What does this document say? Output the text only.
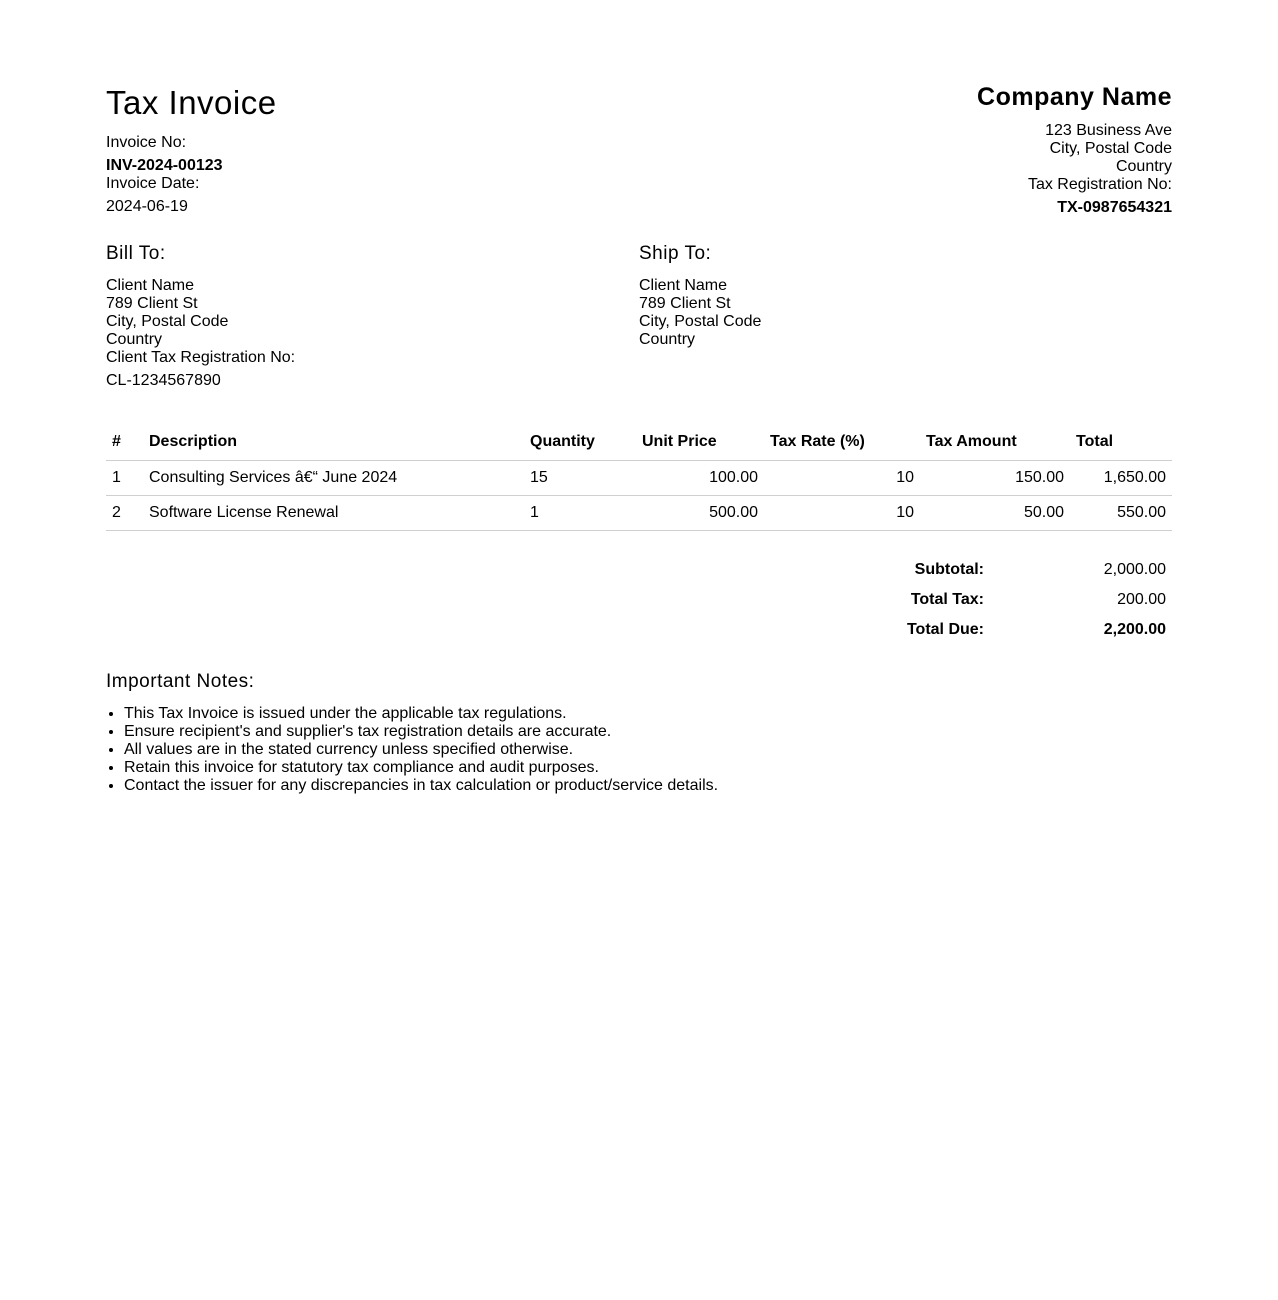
Tax Invoice
Invoice No:
INV-2024-00123
Invoice Date:
2024-06-19
Company Name
123 Business Ave
City, Postal Code
Country
Tax Registration No:
TX-0987654321
Bill To:
Client Name
789 Client St
City, Postal Code
Country
Client Tax Registration No:
CL-1234567890
Ship To:
Client Name
789 Client St
City, Postal Code
Country
#	Description	Quantity	Unit Price	Tax Rate (%)	Tax Amount	Total
1	Consulting Services â€“ June 2024	15	100.00	10	150.00	1,650.00
2	Software License Renewal	1	500.00	10	50.00	550.00
Subtotal:	2,000.00
Total Tax:	200.00
Total Due:	2,200.00
Important Notes:
• This Tax Invoice is issued under the applicable tax regulations.
• Ensure recipient's and supplier's tax registration details are accurate.
• All values are in the stated currency unless specified otherwise.
• Retain this invoice for statutory tax compliance and audit purposes.
• Contact the issuer for any discrepancies in tax calculation or product/service details.
